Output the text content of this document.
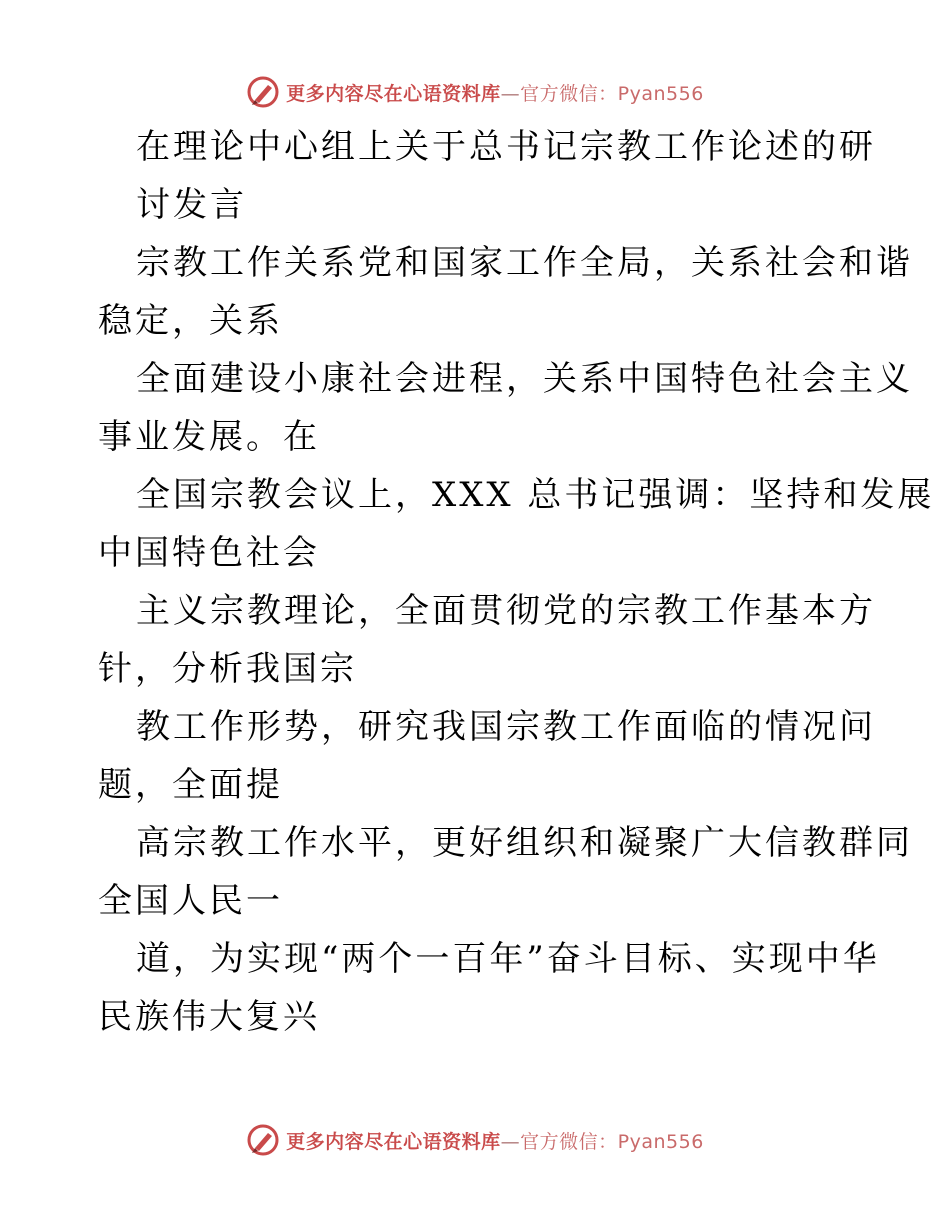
更多内容尽在心语资料库—官方微信：Pyan556
在理论中心组上关于总书记宗教工作论述的研
讨发言
宗教工作关系党和国家工作全局，关系社会和谐
稳定，关系
全面建设小康社会进程，关系中国特色社会主义
事业发展。在
全国宗教会议上，XXX 总书记强调：坚持和发展
中国特色社会
主义宗教理论，全面贯彻党的宗教工作基本方
针，分析我国宗
教工作形势，研究我国宗教工作面临的情况问
题，全面提
高宗教工作水平，更好组织和凝聚广大信教群同
全国人民一
道，为实现“两个一百年”奋斗目标、实现中华
民族伟大复兴
更多内容尽在心语资料库—官方微信：Pyan556
